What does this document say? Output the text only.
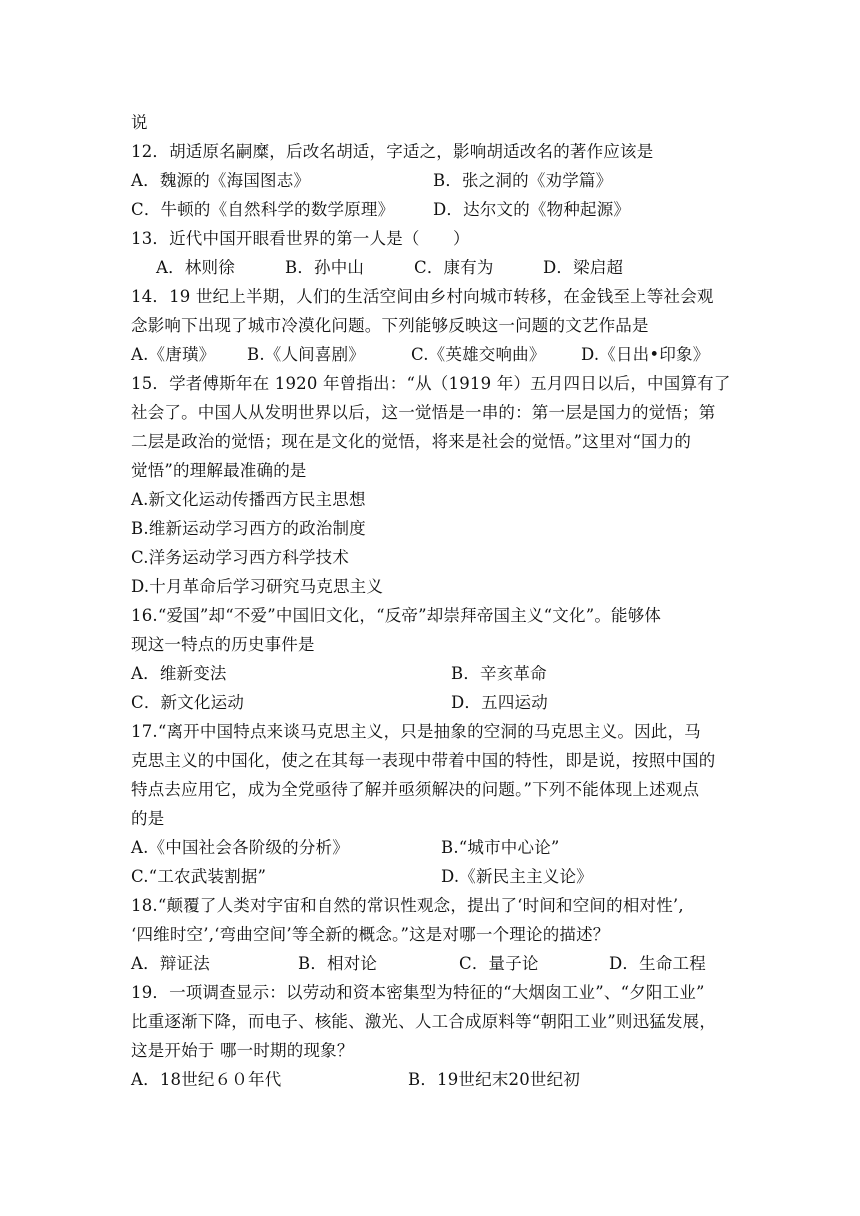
说
12．胡适原名嗣糜，后改名胡适，字适之，影响胡适改名的著作应该是
A．魏源的《海国图志》	B．张之洞的《劝学篇》
C．牛顿的《自然科学的数学原理》 D．达尔文的《物种起源》
13．近代中国开眼看世界的第一人是（　　）
A．林则徐	B．孙中山	C．康有为	D．梁启超
14．19 世纪上半期，人们的生活空间由乡村向城市转移，在金钱至上等社会观
念影响下出现了城市冷漠化问题。下列能够反映这一问题的文艺作品是
A.《唐璜》 B.《人间喜剧》	C.《英雄交响曲》 D.《日出•印象》
15．学者傅斯年在 1920 年曾指出：“从（1919 年）五月四日以后，中国算有了
社会了。中国人从发明世界以后，这一觉悟是一串的：第一层是国力的觉悟；第
二层是政治的觉悟；现在是文化的觉悟，将来是社会的觉悟。”这里对“国力的
觉悟”的理解最准确的是
A.新文化运动传播西方民主思想
B.维新运动学习西方的政治制度
C.洋务运动学习西方科学技术
D.十月革命后学习研究马克思主义
16.“爱国”却“不爱”中国旧文化，“反帝”却崇拜帝国主义“文化”。能够体
现这一特点的历史事件是
A．维新变法	B．辛亥革命
C．新文化运动	D．五四运动
17.“离开中国特点来谈马克思主义，只是抽象的空洞的马克思主义。因此，马
克思主义的中国化，使之在其每一表现中带着中国的特性，即是说，按照中国的
特点去应用它，成为全党亟待了解并亟须解决的问题。”下列不能体现上述观点
的是
A.《中国社会各阶级的分析》	B.“城市中心论”
C.“工农武装割据”	D.《新民主主义论》
18.“颠覆了人类对宇宙和自然的常识性观念，提出了‘时间和空间的相对性’,
‘四维时空’,‘弯曲空间’等全新的概念。”这是对哪一个理论的描述？
A．辩证法	B．相对论	C．量子论	D．生命工程
19．一项调查显示：以劳动和资本密集型为特征的“大烟囱工业”、“夕阳工业”
比重逐渐下降，而电子、核能、激光、人工合成原料等“朝阳工业”则迅猛发展，
这是开始于 哪一时期的现象？
A．18世纪６０年代	B．19世纪末20世纪初
